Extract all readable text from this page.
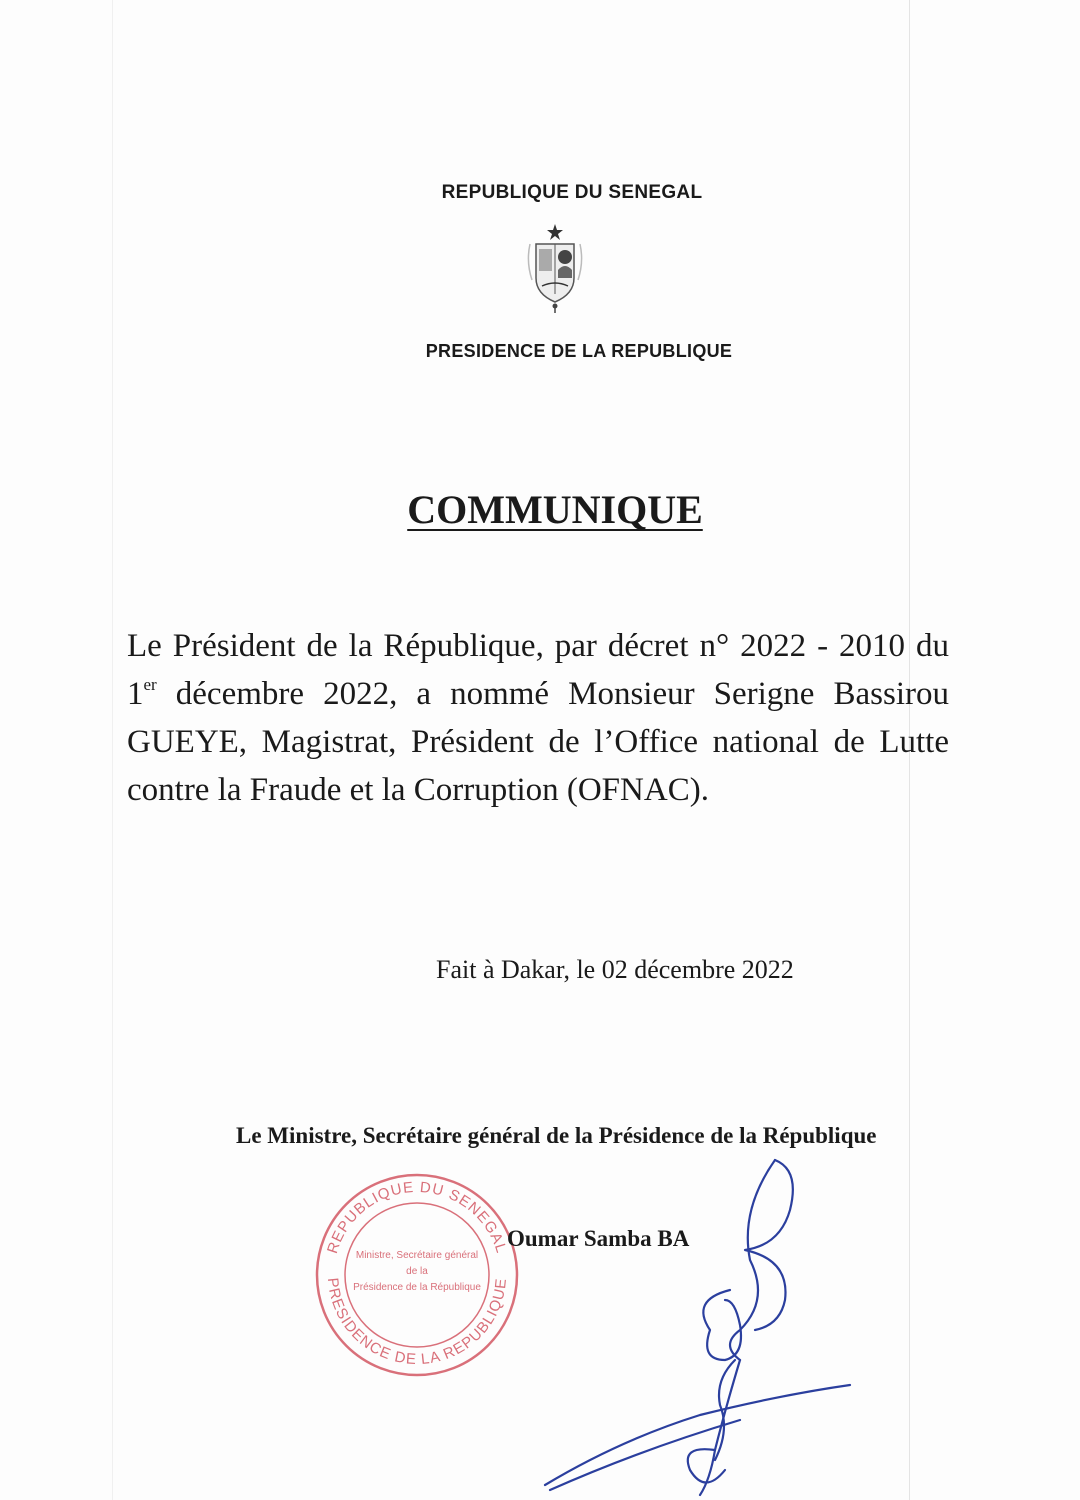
REPUBLIQUE DU SENEGAL
PRESIDENCE DE LA REPUBLIQUE
COMMUNIQUE
Le Président de la République, par décret n° 2022 - 2010 du 1er décembre 2022, a nommé Monsieur Serigne Bassirou GUEYE, Magistrat, Président de l’Office national de Lutte contre la Fraude et la Corruption (OFNAC).
Fait à Dakar, le 02 décembre 2022
Le Ministre, Secrétaire général de la Présidence de la République
REPUBLIQUE DU SENEGAL
PRESIDENCE DE LA REPUBLIQUE
Ministre, Secrétaire général
de la
Présidence de la République
Oumar Samba BA
